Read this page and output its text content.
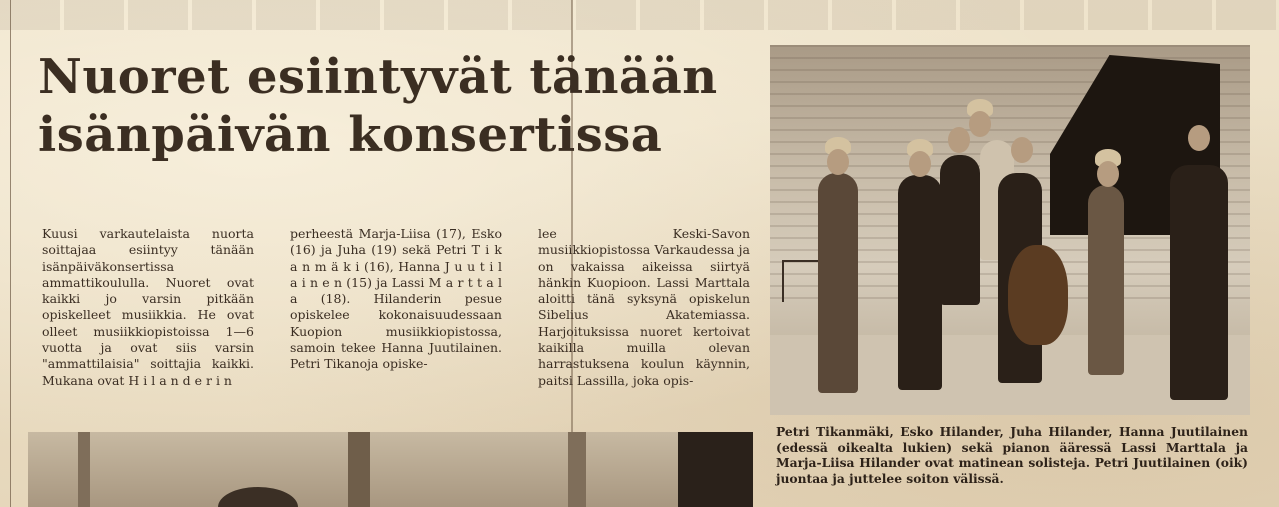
Nuoret esiintyvät tänään
isänpäivän konsertissa
Kuusi varkautelaista nuorta soittajaa esiintyy tänään isänpäiväkonsertissa ammattikoululla. Nuoret ovat kaikki jo varsin pitkään opiskelleet musiikkia. He ovat olleet musiikkiopistoissa 1—6 vuotta ja ovat siis varsin "ammattilaisia" soittajia kaikki. Mukana ovat H i l a n d e r i n
perheestä Marja-Liisa (17), Esko (16) ja Juha (19) sekä Petri T i k a n m ä k i (16), Hanna J u u t i l a i n e n (15) ja Lassi M a r t t a l a (18). Hilanderin pesue opiskelee kokonaisuudessaan Kuopion musiikkiopistossa, samoin tekee Hanna Juutilainen. Petri Tikanoja opiske-
lee Keski-Savon musiikkiopistossa Varkaudessa ja on vakaissa aikeissa siirtyä hänkin Kuopioon. Lassi Marttala aloitti tänä syksynä opiskelun Sibelius Akatemiassa. Harjoituksissa nuoret kertoivat kaikilla muilla olevan harrastuksena koulun käynnin, paitsi Lassilla, joka opis-
Petri Tikanmäki, Esko Hilander, Juha Hilander, Hanna Juutilainen (edessä oikealta lukien) sekä pianon ääressä Lassi Marttala ja Marja-Liisa Hilander ovat matinean solisteja. Petri Juutilainen (oik) juontaa ja juttelee soiton välissä.
